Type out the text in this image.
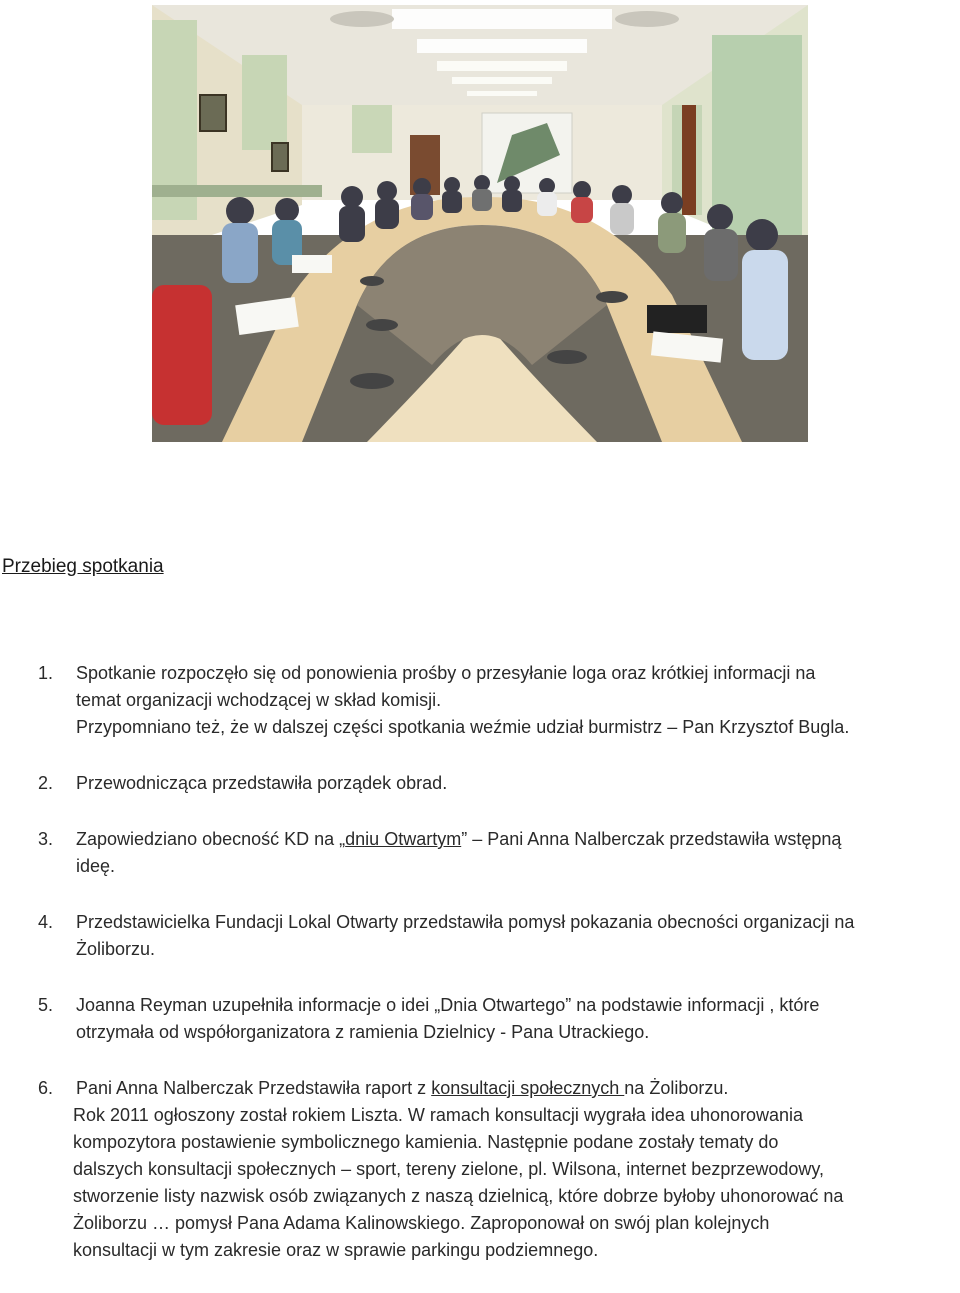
Przebieg spotkania
1. Spotkanie rozpoczęło się od ponowienia prośby o przesyłanie loga oraz krótkiej informacji na
temat organizacji wchodzącej w skład komisji.
Przypomniano też, że w dalszej części spotkania weźmie udział burmistrz – Pan Krzysztof Bugla.
2. Przewodnicząca przedstawiła porządek obrad.
3. Zapowiedziano obecność KD na „dniu Otwartym” – Pani Anna Nalberczak przedstawiła wstępną
ideę.
4. Przedstawicielka Fundacji Lokal Otwarty przedstawiła pomysł pokazania obecności organizacji na
Żoliborzu.
5. Joanna Reyman uzupełniła informacje o idei „Dnia Otwartego” na podstawie informacji , które
otrzymała od współorganizatora z ramienia Dzielnicy - Pana Utrackiego.
6. Pani Anna Nalberczak Przedstawiła raport z konsultacji społecznych na Żoliborzu.
Rok 2011 ogłoszony został rokiem Liszta. W ramach konsultacji wygrała idea uhonorowania
kompozytora postawienie symbolicznego kamienia. Następnie podane zostały tematy do
dalszych konsultacji społecznych – sport, tereny zielone, pl. Wilsona, internet bezprzewodowy,
stworzenie listy nazwisk osób związanych z naszą dzielnicą, które dobrze byłoby uhonorować na
Żoliborzu … pomysł Pana Adama Kalinowskiego. Zaproponował on swój plan kolejnych
konsultacji w tym zakresie oraz w sprawie parkingu podziemnego.
